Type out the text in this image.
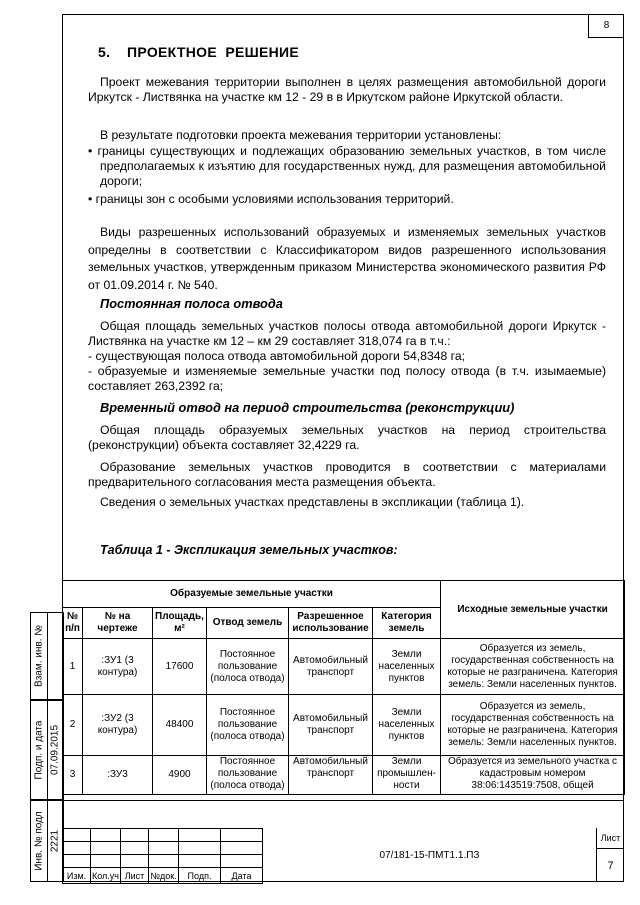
8
5.    ПРОЕКТНОЕ  РЕШЕНИЕ

Проект межевания территории выполнен в целях размещения автомобильной дороги Иркутск - Листвянка на участке км 12 - 29 в в Иркутском районе Иркутской области.

В результате подготовки проекта межевания территории установлены:

• границы существующих и подлежащих образованию земельных участков, в том числе предполагаемых к изъятию для государственных нужд, для размещения автомобильной дороги;
• границы зон с особыми условиями использования территорий.

Виды разрешенных использований образуемых и изменяемых земельных участков определны в соответствии с Классификатором видов разрешенного использования земельных участков, утвержденным приказом Министерства экономического развития РФ от 01.09.2014 г. № 540.

Постоянная полоса отвода
Общая площадь земельных участков полосы отвода автомобильной дороги Иркутск - Листвянка на участке км 12 – км 29 составляет 318,074 га в т.ч.:
- существующая полоса отвода автомобильной дороги 54,8348 га;
- образуемые и изменяемые земельные участки под полосу отвода (в т.ч. изымаемые) составляет 263,2392 га;
Временный отвод на период строительства (реконструкции)

Общая площадь образуемых земельных участков на период строительства (реконструкции) объекта составляет 32,4229 га.

Образование земельных участков проводится в соответствии с материалами предварительного согласования места размещения объекта.

Сведения о земельных участках представлены в экспликации (таблица 1).

Таблица 1 - Экспликация земельных участков:
Образуемые земельные участки						Исходные земельные участки
№ п/п	№ на чертеже	Площадь, м²	Отвод земель	Разрешенное использование	Категория земель	
1	:ЗУ1 (3 контура)	17600	Постоянное пользование (полоса отвода)	Автомобильный транспорт	Земли населенных пунктов	Образуется из земель, государственная собственность на которые не разграничена. Категория земель: Земли населенных пунктов.
2	:ЗУ2 (3 контура)	48400	Постоянное пользование (полоса отвода)	Автомобильный транспорт	Земли населенных пунктов	Образуется из земель, государственная собственность на которые не разграничена. Категория земель: Земли населенных пунктов.
3	:ЗУ3	4900	Постоянное пользование (полоса отвода)	Автомобильный транспорт	Земли промышлен-ности	Образуется из земельного участка с кадастровым номером 38:06:143519:7508, общей

Изм.	Кол.уч	Лист	№док.	Подп.	Дата
07/181-15-ПМТ1.1.ПЗ
Лист
7
Взам. инв. №
Подп. и дата 07.09.2015
Инв. № подл 2221
